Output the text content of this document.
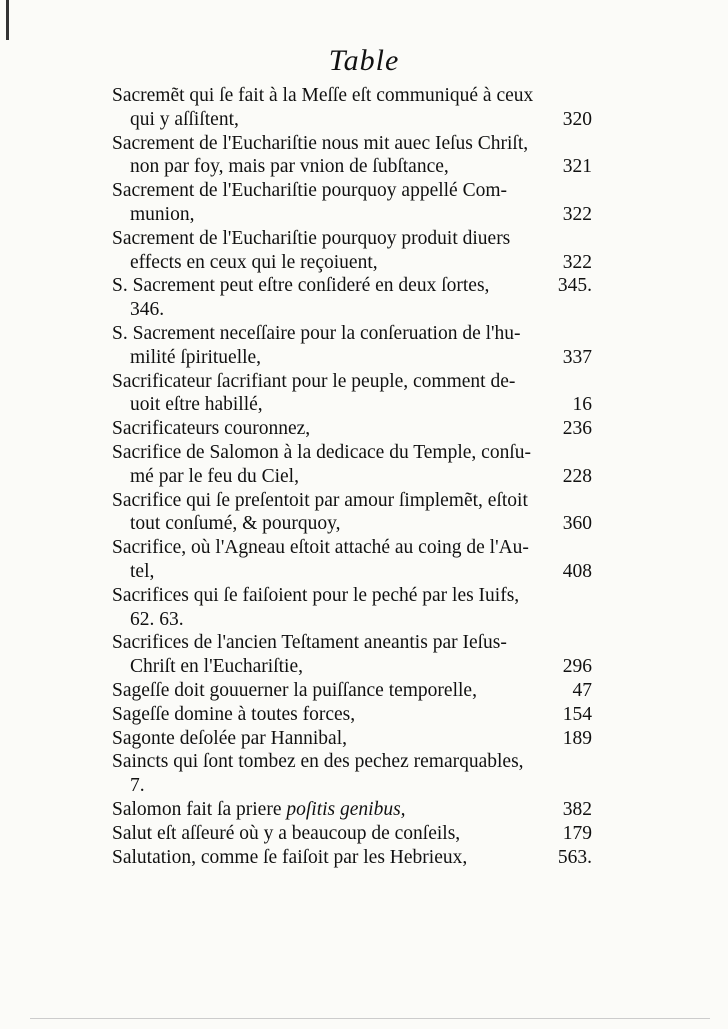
Table
Sacremẽt qui ſe fait à la Meſſe eſt communiqué à ceux
qui y aſſiſtent,	320
Sacrement de l'Euchariſtie nous mit auec Ieſus Chriſt,
non par foy, mais par vnion de ſubſtance,	321
Sacrement de l'Euchariſtie pourquoy appellé Com-
munion,	322
Sacrement de l'Euchariſtie pourquoy produit diuers
effects en ceux qui le reçoiuent,	322
S. Sacrement peut eſtre conſideré en deux ſortes,	345.
346.
S. Sacrement neceſſaire pour la conſeruation de l'hu-
milité ſpirituelle,	337
Sacrificateur ſacrifiant pour le peuple, comment de-
uoit eſtre habillé,	16
Sacrificateurs couronnez,	236
Sacrifice de Salomon à la dedicace du Temple, conſu-
mé par le feu du Ciel,	228
Sacrifice qui ſe preſentoit par amour ſimplemẽt, eſtoit
tout conſumé, & pourquoy,	360
Sacrifice, où l'Agneau eſtoit attaché au coing de l'Au-
tel,	408
Sacrifices qui ſe faiſoient pour le peché par les Iuifs,
62. 63.
Sacrifices de l'ancien Teſtament aneantis par Ieſus-
Chriſt en l'Euchariſtie,	296
Sageſſe doit gouuerner la puiſſance temporelle,	47
Sageſſe domine à toutes forces,	154
Sagonte deſolée par Hannibal,	189
Saincts qui ſont tombez en des pechez remarquables,
7.
Salomon fait ſa priere poſitis genibus,	382
Salut eſt aſſeuré où y a beaucoup de conſeils,	179
Salutation, comme ſe faiſoit par les Hebrieux,	563.
